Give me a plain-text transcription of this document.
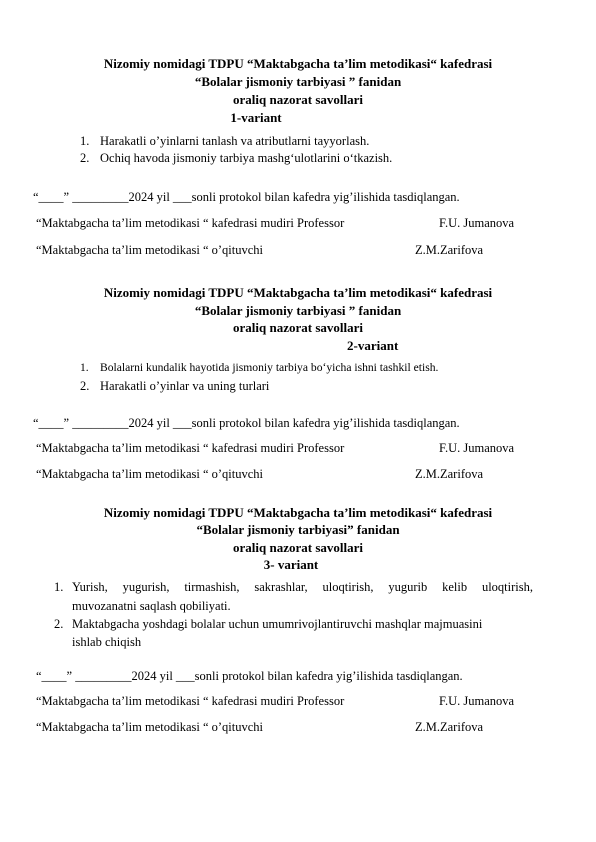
Nizomiy nomidagi TDPU “Maktabgacha ta’lim metodikasi“ kafedrasi
“Bolalar jismoniy tarbiyasi ” fanidan
oraliq nazorat savollari
1-variant
1. Harakatli o’yinlarni tanlash va atributlarni tayyorlash.
2. Ochiq havoda jismoniy tarbiya mashg‘ulotlarini o‘tkazish.
“____” _________2024 yil ___sonli protokol bilan kafedra yig’ilishida tasdiqlangan.
“Maktabgacha ta’lim metodikasi “ kafedrasi mudiri Professor	F.U. Jumanova
“Maktabgacha ta’lim metodikasi “ o’qituvchi	Z.M.Zarifova
Nizomiy nomidagi TDPU “Maktabgacha ta’lim metodikasi“ kafedrasi
“Bolalar jismoniy tarbiyasi ” fanidan
oraliq nazorat savollari
2-variant
1. Bolalarni kundalik hayotida jismoniy tarbiya bo‘yicha ishni tashkil etish.
2. Harakatli o’yinlar va uning turlari
“____” _________2024 yil ___sonli protokol bilan kafedra yig’ilishida tasdiqlangan.
“Maktabgacha ta’lim metodikasi “ kafedrasi mudiri Professor	F.U. Jumanova
“Maktabgacha ta’lim metodikasi “ o’qituvchi	Z.M.Zarifova
Nizomiy nomidagi TDPU “Maktabgacha ta’lim metodikasi“ kafedrasi
“Bolalar jismoniy tarbiyasi” fanidan
oraliq nazorat savollari
3- variant
1. Yurish, yugurish, tirmashish, sakrashlar, uloqtirish, yugurib kelib uloqtirish,
muvozanatni saqlash qobiliyati.
2. Maktabgacha yoshdagi bolalar uchun umumrivojlantiruvchi mashqlar majmuasini
ishlab chiqish
“____” _________2024 yil ___sonli protokol bilan kafedra yig’ilishida tasdiqlangan.
“Maktabgacha ta’lim metodikasi “ kafedrasi mudiri Professor	F.U. Jumanova
“Maktabgacha ta’lim metodikasi “ o’qituvchi	Z.M.Zarifova
